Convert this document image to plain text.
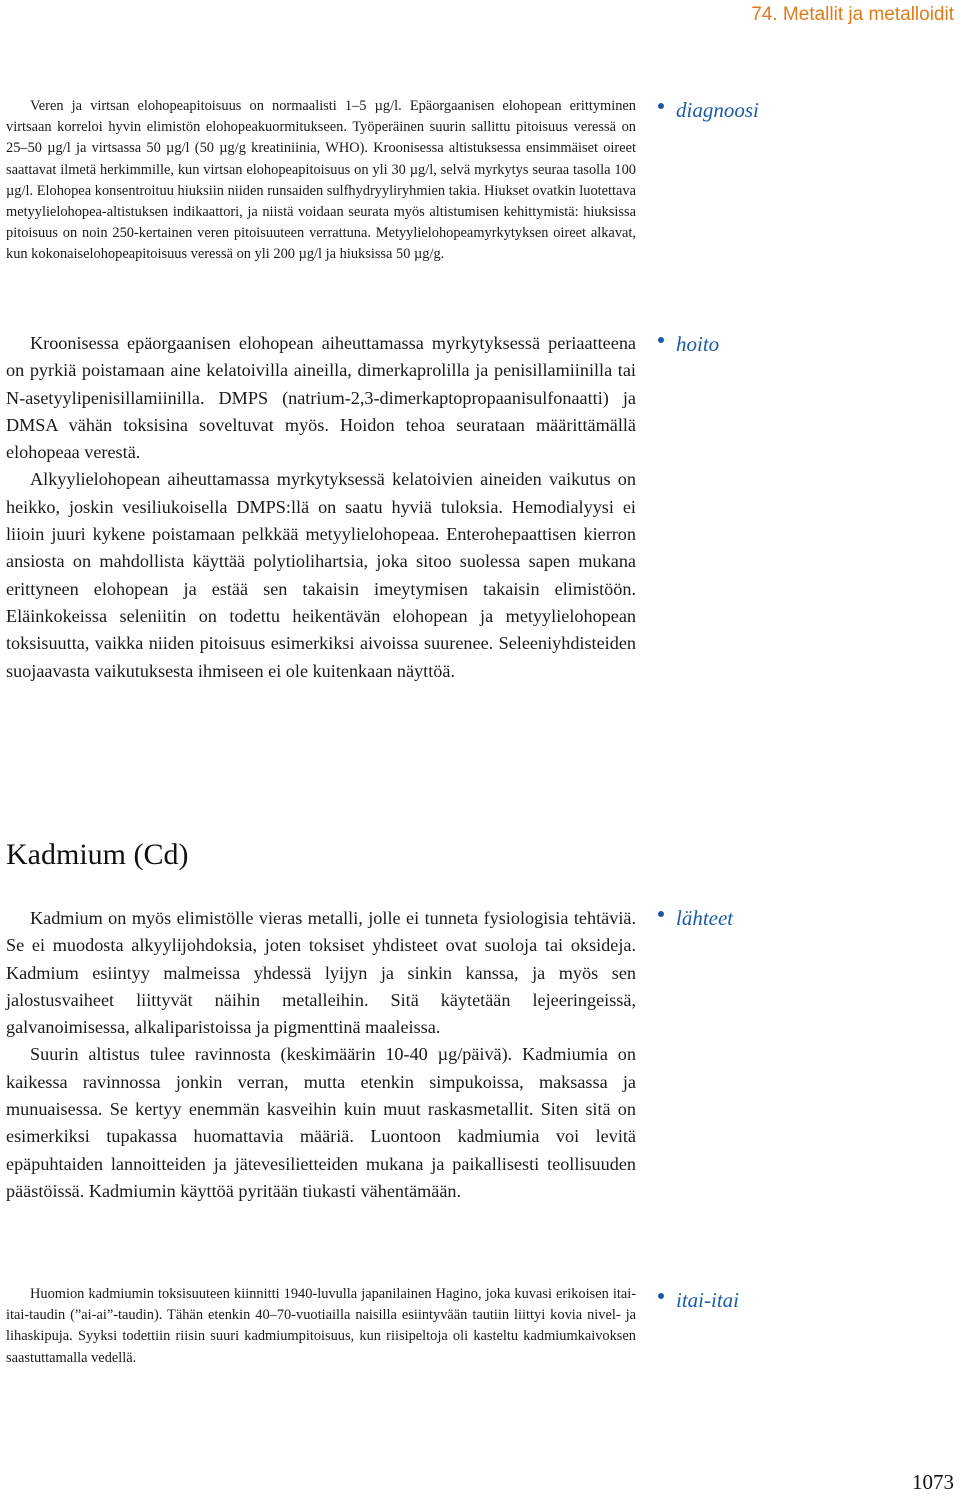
74. Metallit ja metalloidit

Veren ja virtsan elohopeapitoisuus on normaalisti 1–5 µg/l. Epäorgaanisen elohopean erittyminen virtsaan korreloi hyvin elimistön elohopeakuormitukseen. Työperäinen suurin sallittu pitoisuus veressä on 25–50 µg/l ja virtsassa 50 µg/l (50 µg/g kreatiniinia, WHO). Kroonisessa altistuksessa ensimmäiset oireet saattavat ilmetä herkimmille, kun virtsan elohopeapitoisuus on yli 30 µg/l, selvä myrkytys seuraa tasolla 100 µg/l. Elohopea konsentroituu hiuksiin niiden runsaiden sulfhydryyliryhmien takia. Hiukset ovatkin luotettava metyylielohopea-altistuksen indikaattori, ja niistä voidaan seurata myös altistumisen kehittymistä: hiuksissa pitoisuus on noin 250-kertainen veren pitoisuuteen verrattuna. Metyylielohopeamyrkytyksen oireet alkavat, kun kokonaiselohopeapitoisuus veressä on yli 200 µg/l ja hiuksissa 50 µg/g.

diagnoosi

Kroonisessa epäorgaanisen elohopean aiheuttamassa myrkytyksessä periaatteena on pyrkiä poistamaan aine kelatoivilla aineilla, dimerkaprolilla ja penisillamiinilla tai N-asetyylipenisillamiinilla. DMPS (natrium-2,3-dimerkaptopropaanisulfonaatti) ja DMSA vähän toksisina soveltuvat myös. Hoidon tehoa seurataan määrittämällä elohopeaa verestä.

Alkyylielohopean aiheuttamassa myrkytyksessä kelatoivien aineiden vaikutus on heikko, joskin vesiliukoisella DMPS:llä on saatu hyviä tuloksia. Hemodialyysi ei liioin juuri kykene poistamaan pelkkää metyylielohopeaa. Enterohepaattisen kierron ansiosta on mahdollista käyttää polytiolihartsia, joka sitoo suolessa sapen mukana erittyneen elohopean ja estää sen takaisin imeytymisen takaisin elimistöön. Eläinkokeissa seleniitin on todettu heikentävän elohopean ja metyylielohopean toksisuutta, vaikka niiden pitoisuus esimerkiksi aivoissa suurenee. Seleeniyhdisteiden suojaavasta vaikutuksesta ihmiseen ei ole kuitenkaan näyttöä.

hoito
Kadmium (Cd)

Kadmium on myös elimistölle vieras metalli, jolle ei tunneta fysiologisia tehtäviä. Se ei muodosta alkyylijohdoksia, joten toksiset yhdisteet ovat suoloja tai oksideja. Kadmium esiintyy malmeissa yhdessä lyijyn ja sinkin kanssa, ja myös sen jalostusvaiheet liittyvät näihin metalleihin. Sitä käytetään lejeeringeissä, galvanoimisessa, alkaliparistoissa ja pigmenttinä maaleissa.

Suurin altistus tulee ravinnosta (keskimäärin 10-40 µg/päivä). Kadmiumia on kaikessa ravinnossa jonkin verran, mutta etenkin simpukoissa, maksassa ja munuaisessa. Se kertyy enemmän kasveihin kuin muut raskasmetallit. Siten sitä on esimerkiksi tupakassa huomattavia määriä. Luontoon kadmiumia voi levitä epäpuhtaiden lannoitteiden ja jätevesilietteiden mukana ja paikallisesti teollisuuden päästöissä. Kadmiumin käyttöä pyritään tiukasti vähentämään.

lähteet

Huomion kadmiumin toksisuuteen kiinnitti 1940-luvulla japanilainen Hagino, joka kuvasi erikoisen itai-itai-taudin (”ai-ai”-taudin). Tähän etenkin 40–70-vuotiailla naisilla esiintyvään tautiin liittyi kovia nivel- ja lihaskipuja. Syyksi todettiin riisin suuri kadmiumpitoisuus, kun riisipeltoja oli kasteltu kadmiumkaivoksen saastuttamalla vedellä.

itai-itai
1073
